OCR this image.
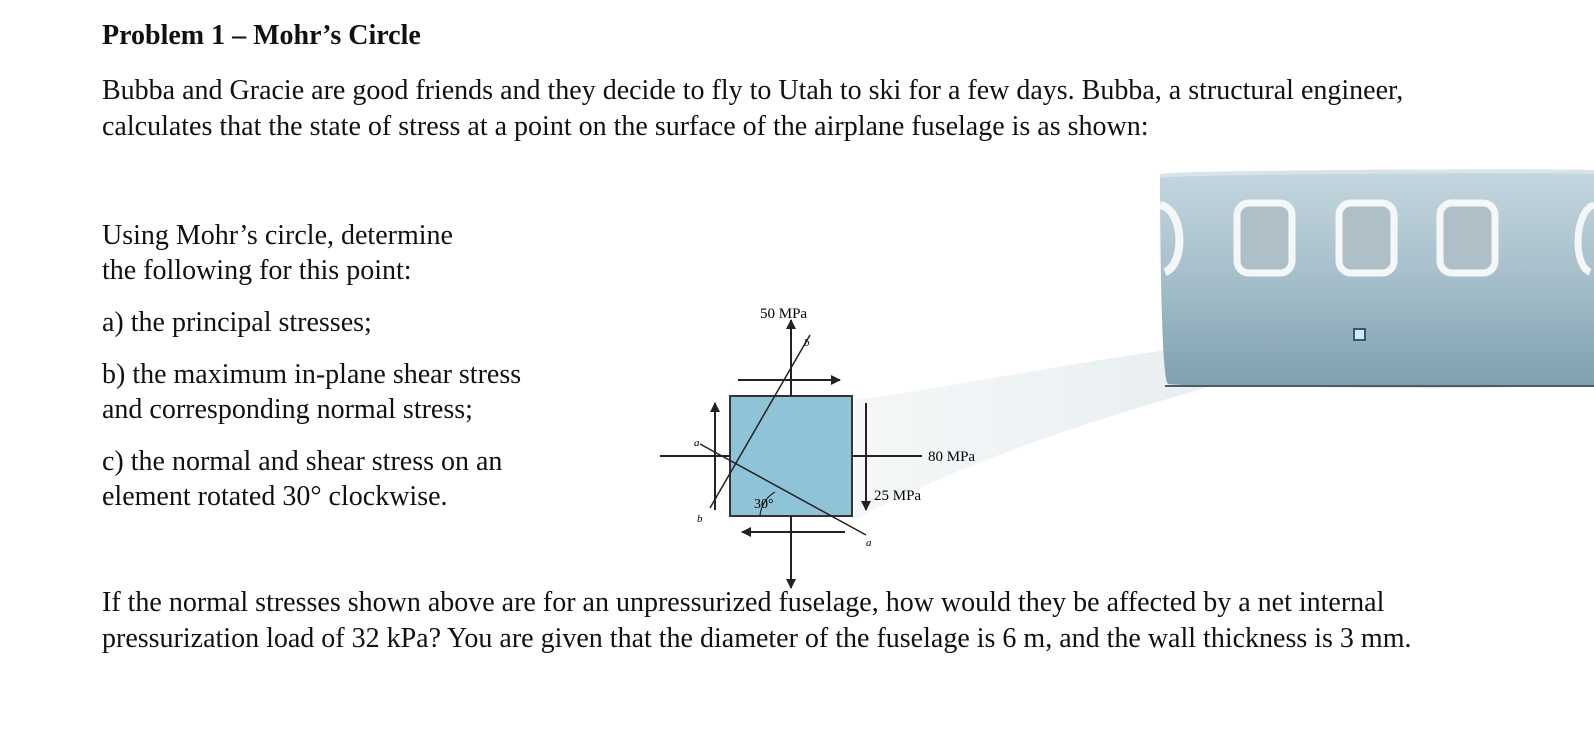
Problem 1 – Mohr’s Circle
Bubba and Gracie are good friends and they decide to fly to Utah to ski for a few days. Bubba, a structural engineer, calculates that the state of stress at a point on the surface of the airplane fuselage is as shown:
Using Mohr’s circle, determine
the following for this point:
a) the principal stresses;
b) the maximum in-plane shear stress
and corresponding normal stress;
c) the normal and shear stress on an
element rotated 30° clockwise.
50 MPa
80 MPa
25 MPa
30°
a
a
b
b
If the normal stresses shown above are for an unpressurized fuselage, how would they be affected by a net internal pressurization load of 32 kPa? You are given that the diameter of the fuselage is 6 m, and the wall thickness is 3 mm.
